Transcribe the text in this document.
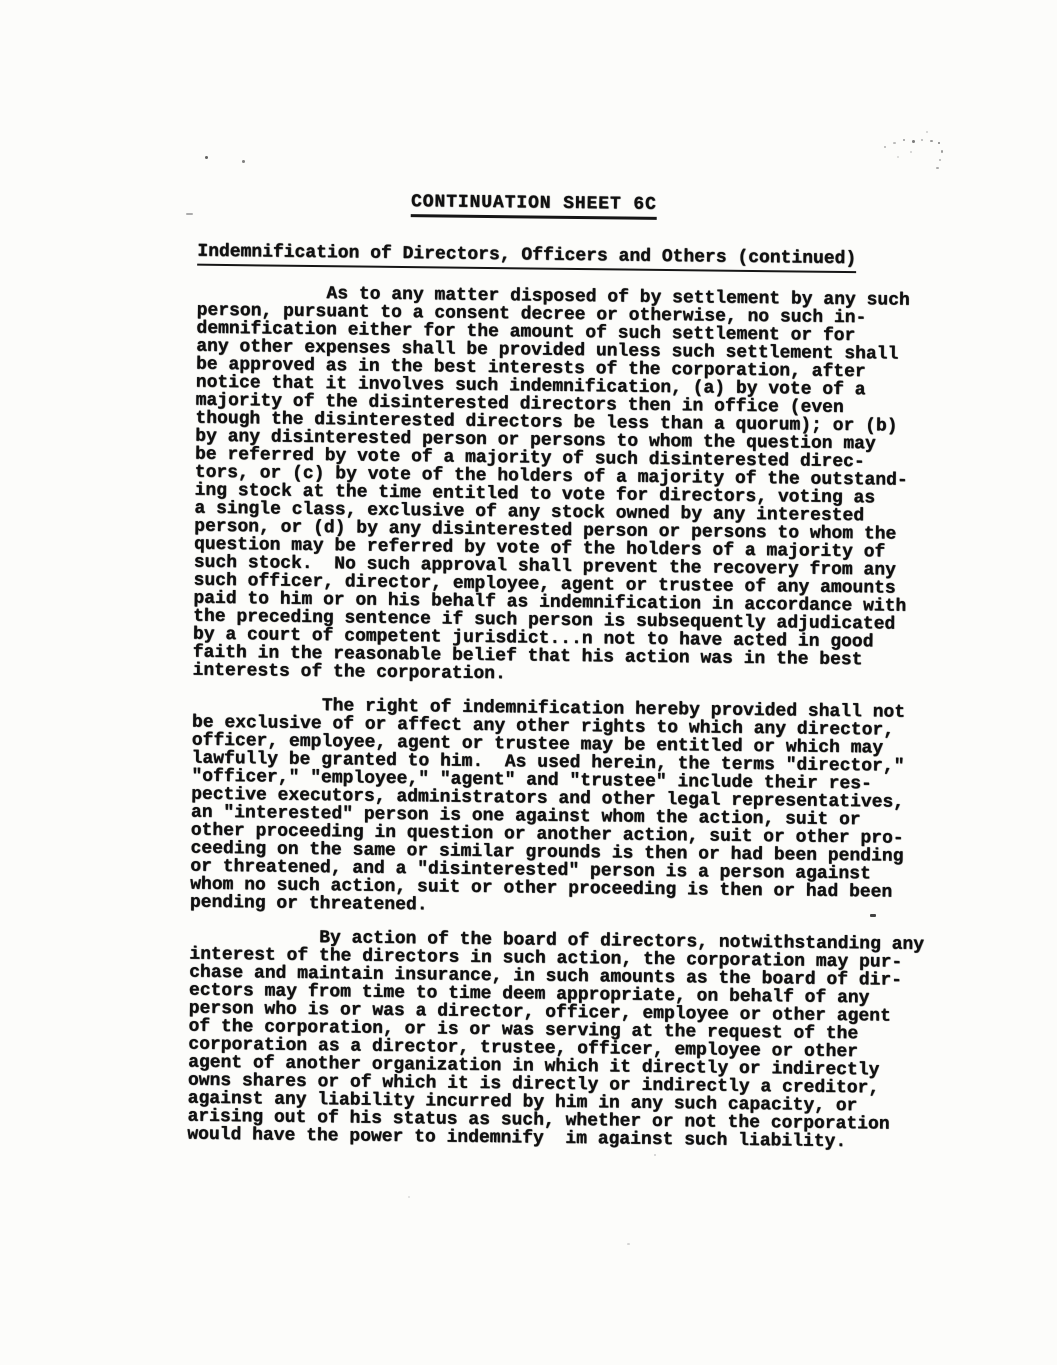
CONTINUATION SHEET 6C
Indemnification of Directors, Officers and Others (continued)
As to any matter disposed of by settlement by any such
person, pursuant to a consent decree or otherwise, no such in-
demnification either for the amount of such settlement or for
any other expenses shall be provided unless such settlement shall
be approved as in the best interests of the corporation, after
notice that it involves such indemnification, (a) by vote of a
majority of the disinterested directors then in office (even
though the disinterested directors be less than a quorum); or (b)
by any disinterested person or persons to whom the question may
be referred by vote of a majority of such disinterested direc-
tors, or (c) by vote of the holders of a majority of the outstand-
ing stock at the time entitled to vote for directors, voting as
a single class, exclusive of any stock owned by any interested
person, or (d) by any disinterested person or persons to whom the
question may be referred by vote of the holders of a majority of
such stock.  No such approval shall prevent the recovery from any
such officer, director, employee, agent or trustee of any amounts
paid to him or on his behalf as indemnification in accordance with
the preceding sentence if such person is subsequently adjudicated
by a court of competent jurisdict...n not to have acted in good
faith in the reasonable belief that his action was in the best
interests of the corporation.
The right of indemnification hereby provided shall not
be exclusive of or affect any other rights to which any director,
officer, employee, agent or trustee may be entitled or which may
lawfully be granted to him.  As used herein, the terms "director,"
"officer," "employee," "agent" and "trustee" include their res-
pective executors, administrators and other legal representatives,
an "interested" person is one against whom the action, suit or
other proceeding in question or another action, suit or other pro-
ceeding on the same or similar grounds is then or had been pending
or threatened, and a "disinterested" person is a person against
whom no such action, suit or other proceeding is then or had been
pending or threatened.
By action of the board of directors, notwithstanding any
interest of the directors in such action, the corporation may pur-
chase and maintain insurance, in such amounts as the board of dir-
ectors may from time to time deem appropriate, on behalf of any
person who is or was a director, officer, employee or other agent
of the corporation, or is or was serving at the request of the
corporation as a director, trustee, officer, employee or other
agent of another organization in which it directly or indirectly
owns shares or of which it is directly or indirectly a creditor,
against any liability incurred by him in any such capacity, or
arising out of his status as such, whether or not the corporation
would have the power to indemnify  im against such liability.
